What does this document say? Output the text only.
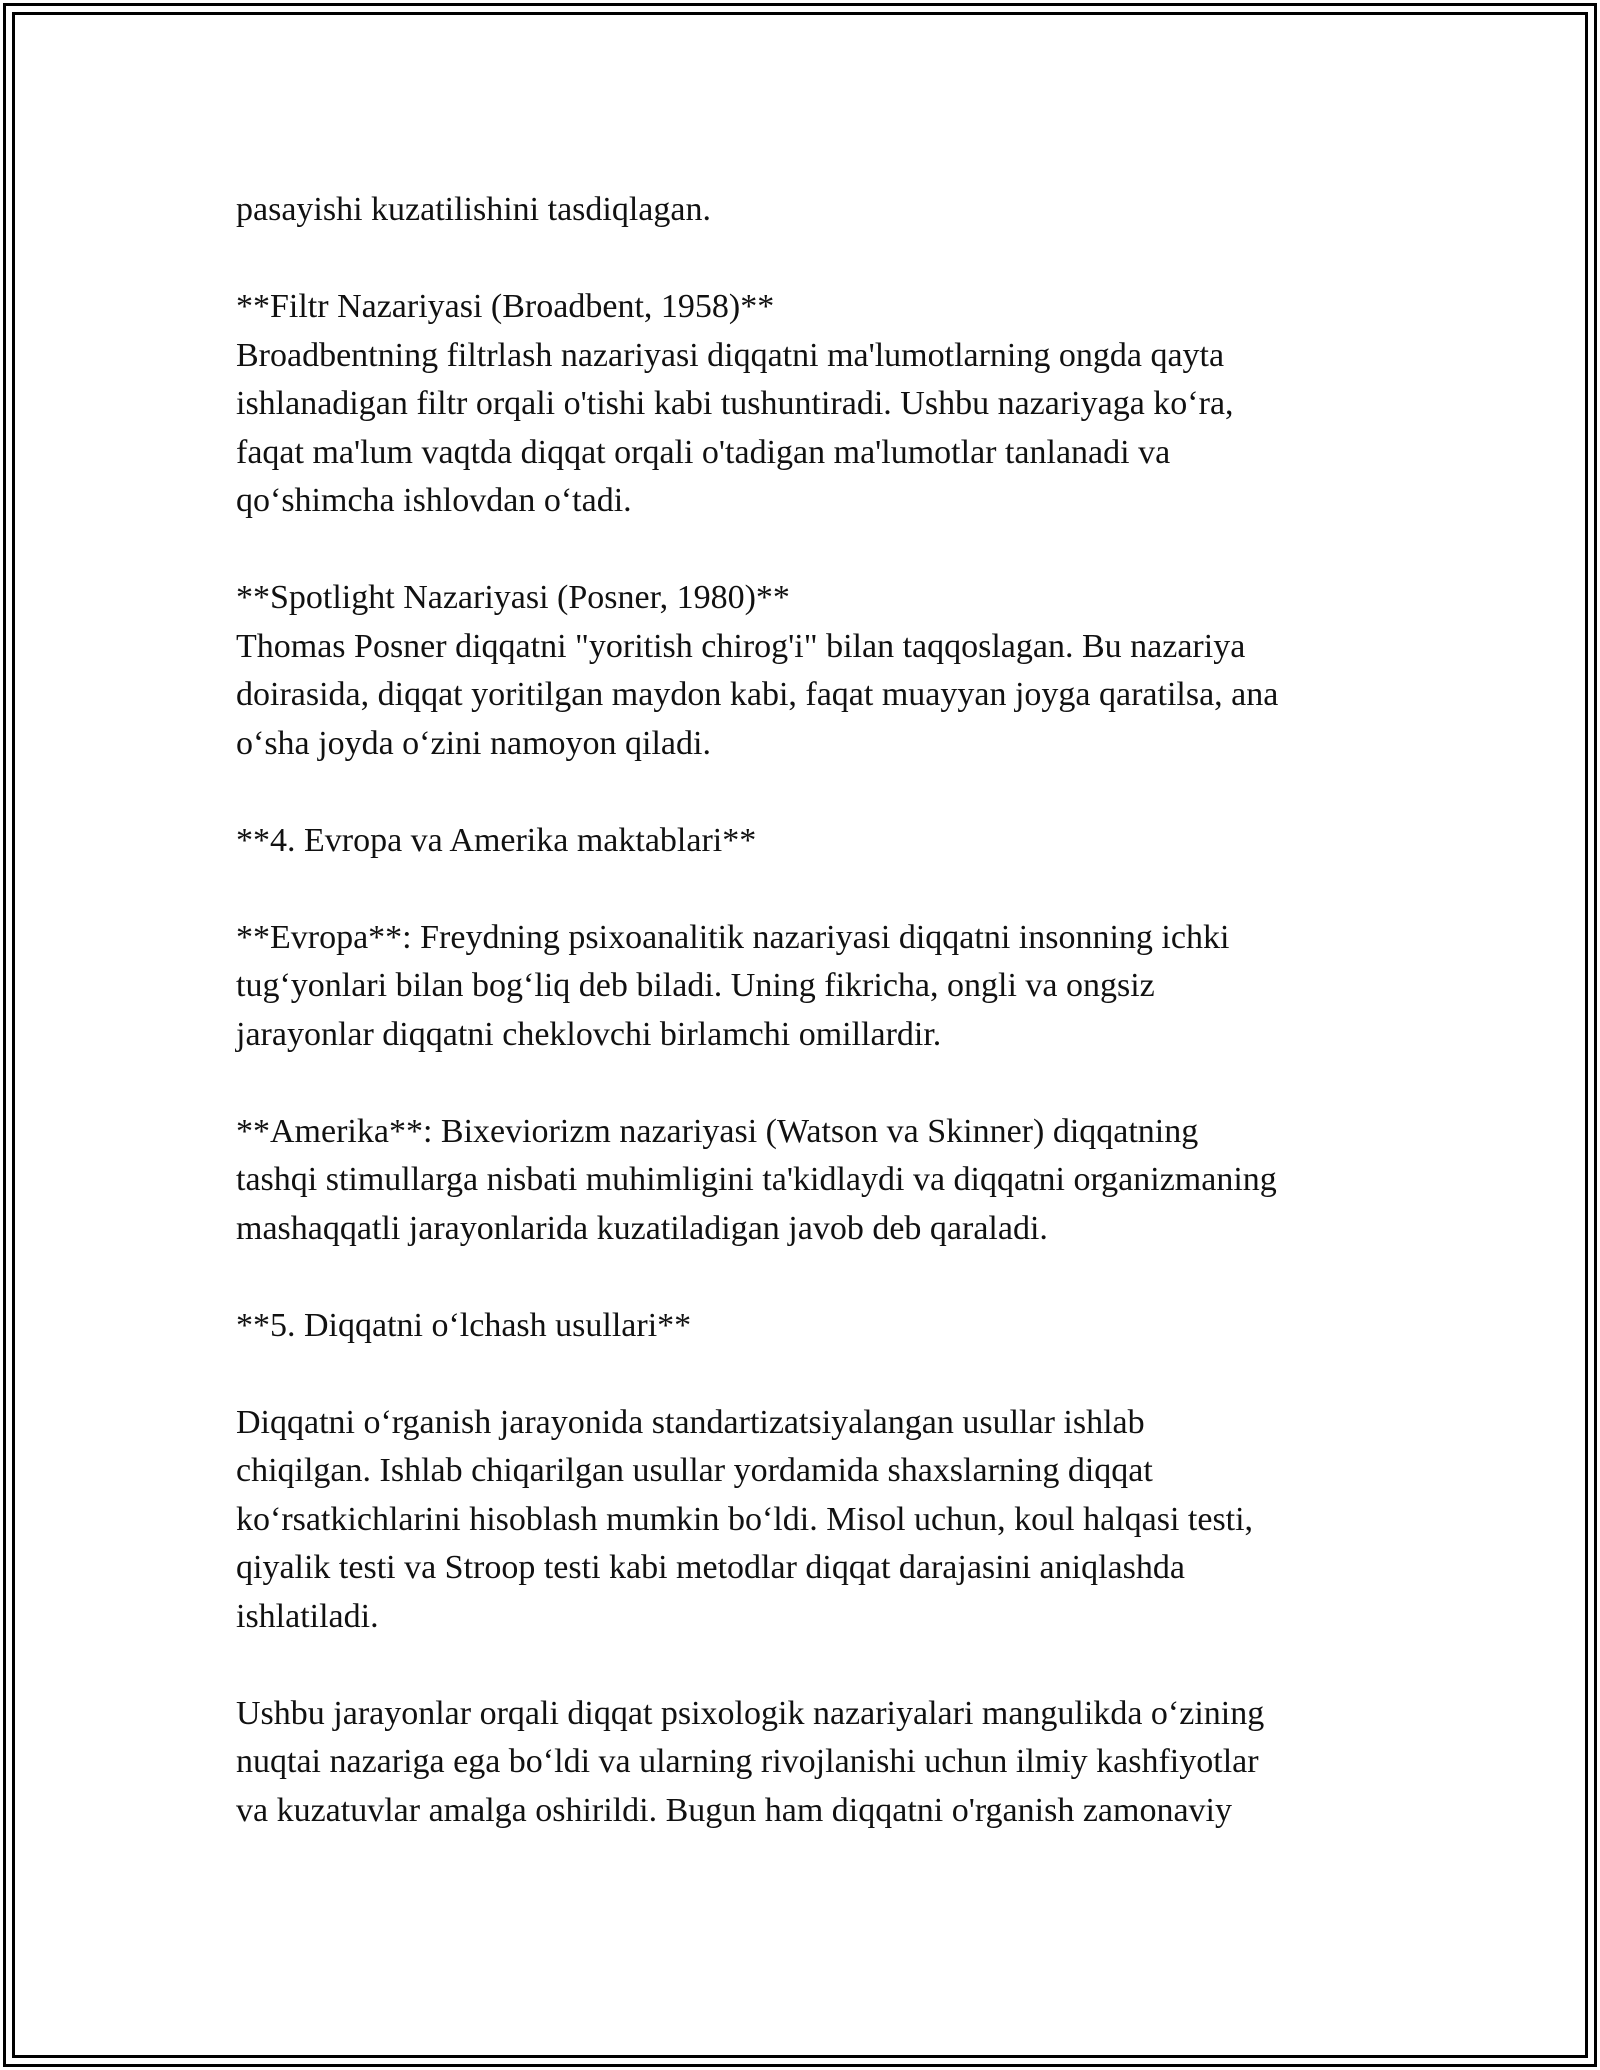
pasayishi kuzatilishini tasdiqlagan.
**Filtr Nazariyasi (Broadbent, 1958)**
Broadbentning filtrlash nazariyasi diqqatni ma'lumotlarning ongda qayta
ishlanadigan filtr orqali o'tishi kabi tushuntiradi. Ushbu nazariyaga ko‘ra,
faqat ma'lum vaqtda diqqat orqali o'tadigan ma'lumotlar tanlanadi va
qo‘shimcha ishlovdan o‘tadi.
**Spotlight Nazariyasi (Posner, 1980)**
Thomas Posner diqqatni "yoritish chirog'i" bilan taqqoslagan. Bu nazariya
doirasida, diqqat yoritilgan maydon kabi, faqat muayyan joyga qaratilsa, ana
o‘sha joyda o‘zini namoyon qiladi.
**4. Evropa va Amerika maktablari**
**Evropa**: Freydning psixoanalitik nazariyasi diqqatni insonning ichki
tug‘yonlari bilan bog‘liq deb biladi. Uning fikricha, ongli va ongsiz
jarayonlar diqqatni cheklovchi birlamchi omillardir.
**Amerika**: Bixeviorizm nazariyasi (Watson va Skinner) diqqatning
tashqi stimullarga nisbati muhimligini ta'kidlaydi va diqqatni organizmaning
mashaqqatli jarayonlarida kuzatiladigan javob deb qaraladi.
**5. Diqqatni o‘lchash usullari**
Diqqatni o‘rganish jarayonida standartizatsiyalangan usullar ishlab
chiqilgan. Ishlab chiqarilgan usullar yordamida shaxslarning diqqat
ko‘rsatkichlarini hisoblash mumkin bo‘ldi. Misol uchun, koul halqasi testi,
qiyalik testi va Stroop testi kabi metodlar diqqat darajasini aniqlashda
ishlatiladi.
Ushbu jarayonlar orqali diqqat psixologik nazariyalari mangulikda o‘zining
nuqtai nazariga ega bo‘ldi va ularning rivojlanishi uchun ilmiy kashfiyotlar
va kuzatuvlar amalga oshirildi. Bugun ham diqqatni o'rganish zamonaviy
